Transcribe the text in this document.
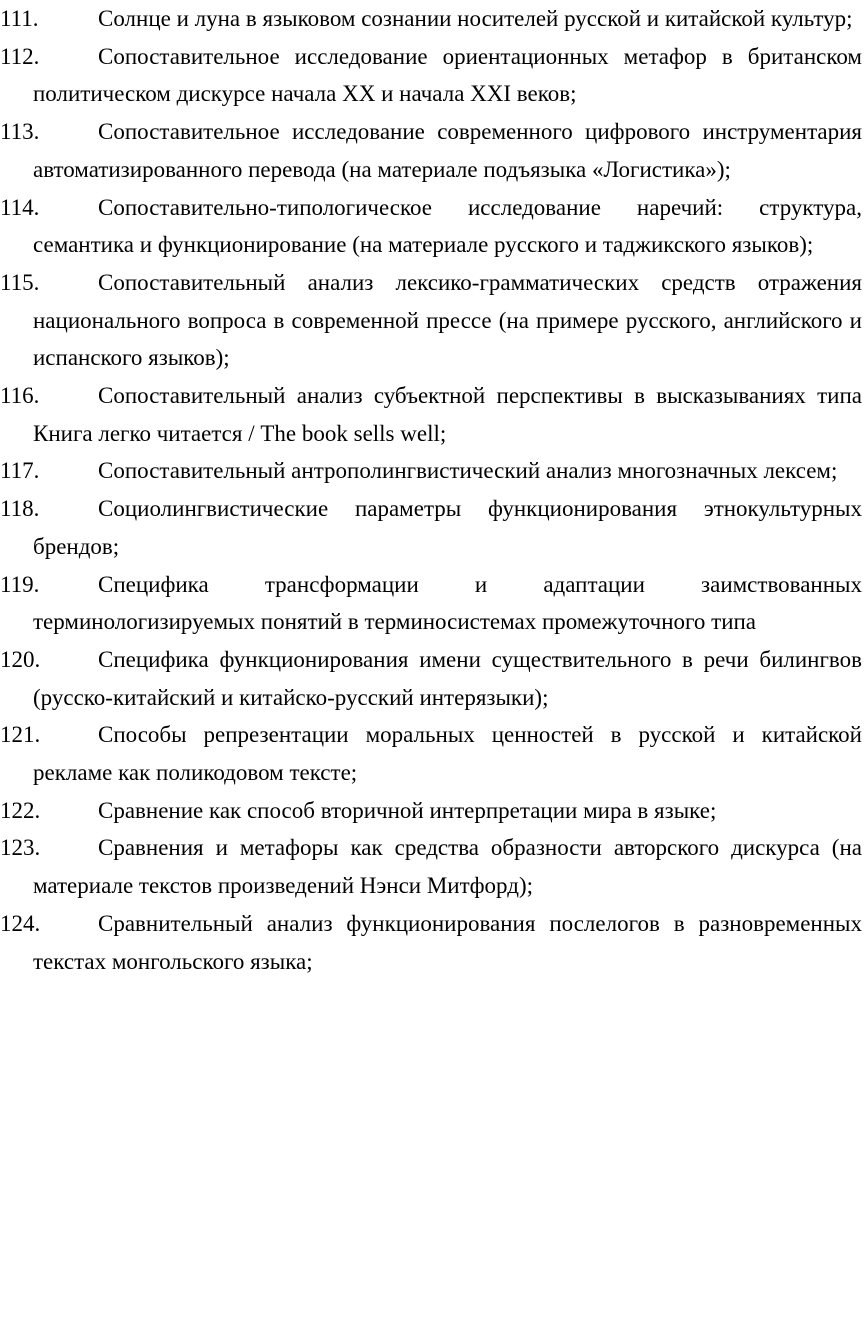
111.	Солнце и луна в языковом сознании носителей русской и китайской культур;
112.	Сопоставительное исследование ориентационных метафор в британском политическом дискурсе начала XX и начала XXI веков;
113.	Сопоставительное исследование современного цифрового инструментария автоматизированного перевода (на материале подъязыка «Логистика»);
114.	Сопоставительно-типологическое исследование наречий: структура, семантика и функционирование (на материале русского и таджикского языков);
115.	Сопоставительный анализ лексико-грамматических средств отражения национального вопроса в современной прессе (на примере русского, английского и испанского языков);
116.	Сопоставительный анализ субъектной перспективы в высказываниях типа Книга легко читается / The book sells well;
117.	Сопоставительный антрополингвистический анализ многозначных лексем;
118.	Социолингвистические параметры функционирования этнокультурных брендов;
119.	Специфика трансформации и адаптации заимствованных терминологизируемых понятий в терминосистемах промежуточного типа
120.	Специфика функционирования имени существительного в речи билингвов (русско-китайский и китайско-русский интерязыки);
121.	Способы репрезентации моральных ценностей в русской и китайской рекламе как поликодовом тексте;
122.	Сравнение как способ вторичной интерпретации мира в языке;
123.	Сравнения и метафоры как средства образности авторского дискурса (на материале текстов произведений Нэнси Митфорд);
124.	Сравнительный анализ функционирования послелогов в разновременных текстах монгольского языка;
